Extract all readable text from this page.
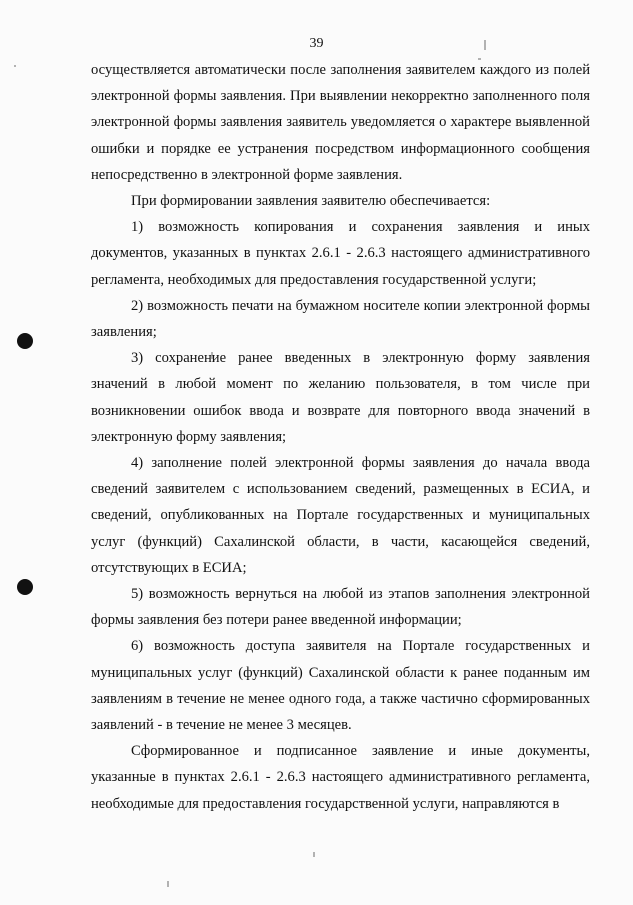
39

осуществляется автоматически после заполнения заявителем каждого из полей электронной формы заявления. При выявлении некорректно заполненного поля электронной формы заявления заявитель уведомляется о характере выявленной ошибки и порядке ее устранения посредством информационного сообщения непосредственно в электронной форме заявления.

При формировании заявления заявителю обеспечивается:

1) возможность копирования и сохранения заявления и иных документов, указанных в пунктах 2.6.1 - 2.6.3 настоящего административного регламента, необходимых для предоставления государственной услуги;

2) возможность печати на бумажном носителе копии электронной формы заявления;

3) сохранение ранее введенных в электронную форму заявления значений в любой момент по желанию пользователя, в том числе при возникновении ошибок ввода и возврате для повторного ввода значений в электронную форму заявления;

4) заполнение полей электронной формы заявления до начала ввода сведений заявителем с использованием сведений, размещенных в ЕСИА, и сведений, опубликованных на Портале государственных и муниципальных услуг (функций) Сахалинской области, в части, касающейся сведений, отсутствующих в ЕСИА;

5) возможность вернуться на любой из этапов заполнения электронной формы заявления без потери ранее введенной информации;

6) возможность доступа заявителя на Портале государственных и муниципальных услуг (функций) Сахалинской области к ранее поданным им заявлениям в течение не менее одного года, а также частично сформированных заявлений - в течение не менее 3 месяцев.

Сформированное и подписанное заявление и иные документы, указанные в пунктах 2.6.1 - 2.6.3 настоящего административного регламента, необходимые для предоставления государственной услуги, направляются в
